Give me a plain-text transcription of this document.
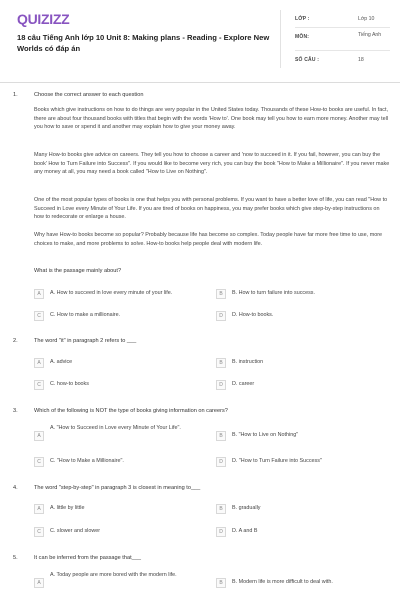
QUIZIZZ
18 câu Tiếng Anh lớp 10 Unit 8: Making plans - Reading - Explore New Worlds có đáp án
LỚP :	Lớp 10
MÔN:	Tiếng Anh
SỐ CÂU :	18
1.	Choose the correct answer to each question
Books which give instructions on how to do things are very popular in the United States today. Thousands of these How-to books are useful. In fact, there are about four thousand books with titles that begin with the words 'How to'. One book may tell you how to earn more money. Another may tell you how to save or spend it and another may explain how to give your money away.
Many How-to books give advice on careers. They tell you how to choose a career and 'now to succeed in it. If you fail, however, you can buy the book' How to Turn Failure into Success". If you would like to become very rich, you can buy the book "How to Make a Millionaire". If you never make any money at all, you may need a book called "How to Live on Nothing".
One of the most popular types of books is one that helps you with personal problems. If you want to have a better love of life, you can read "How to Succeed in Love every Minute of Your Life. If you are tired of books on happiness, you may prefer books which give step-by-step instructions on how to redecorate or enlarge a house.
Why have How-to books become so popular? Probably because life has become so complex. Today people have far more free time to use, more choices to make, and more problems to solve. How-to books help people deal with modern life.
What is the passage mainly about?
A	A. How to succeed in love every minute of your life.	B	B. How to turn failure into success.
C	C. How to make a millionaire.	D	D. How-to books.
2.	The word "it" in paragraph 2 refers to ___
A	A. advice	B	B. instruction
C	C. how-to books	D	D. career
3.	Which of the following is NOT the type of books giving information on careers?
A
A. "How to Succeed in Love every Minute of Your Life".
B	B. "How to Live on Nothing"
C	C. "How to Make a Millionaire".	D	D. "How to Turn Failure into Success"
4.	The word "step-by-step" in paragraph 3 is closest in meaning to___
A	A. little by little	B	B. gradually
C	C. slower and slower	D	D. A and B
5.	It can be inferred from the passage that___
A
A. Today people are more bored with the modern life.
B	B. Modern life is more difficult to deal with.
